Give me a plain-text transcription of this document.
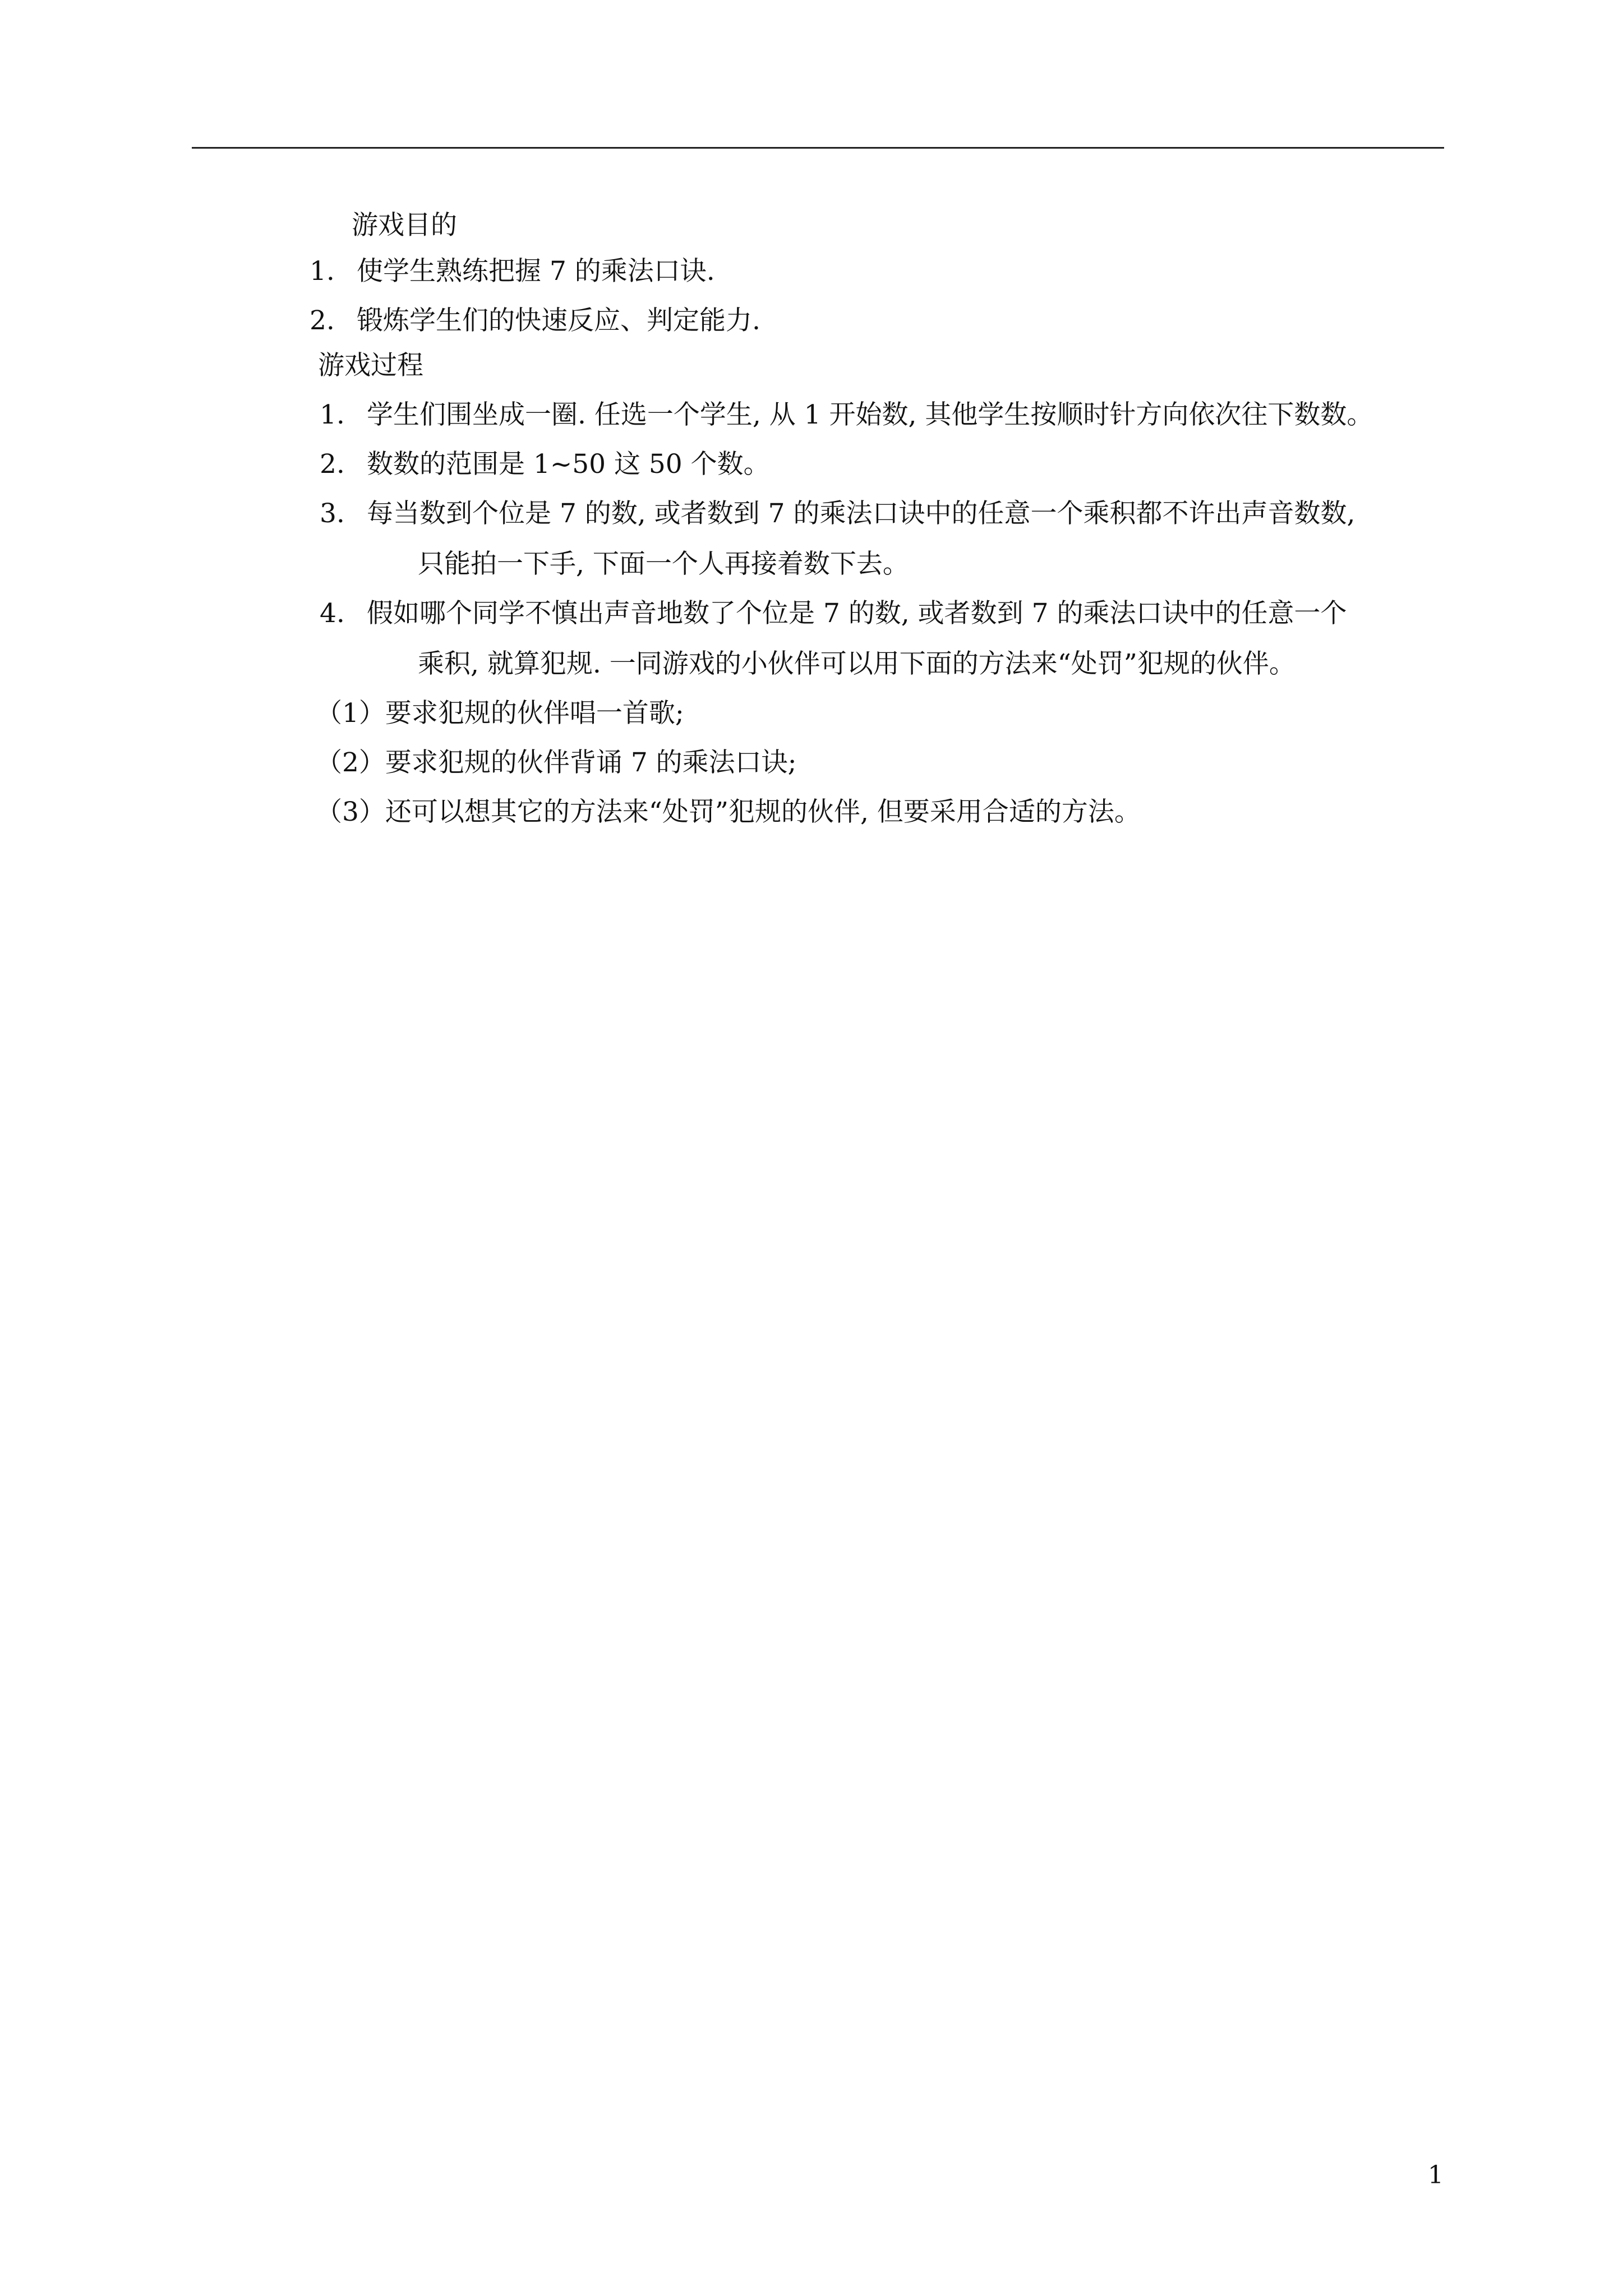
游戏目的
1. 使学生熟练把握 7 的乘法口诀.
2. 锻炼学生们的快速反应、判定能力.
游戏过程
1. 学生们围坐成一圈. 任选一个学生, 从 1 开始数, 其他学生按顺时针方向依次往下数数。
2. 数数的范围是 1~50 这 50 个数。
3. 每当数到个位是 7 的数, 或者数到 7 的乘法口诀中的任意一个乘积都不许出声音数数,
只能拍一下手, 下面一个人再接着数下去。
4. 假如哪个同学不慎出声音地数了个位是 7 的数, 或者数到 7 的乘法口诀中的任意一个
乘积, 就算犯规. 一同游戏的小伙伴可以用下面的方法来“处罚”犯规的伙伴。
（1）要求犯规的伙伴唱一首歌;
（2）要求犯规的伙伴背诵 7 的乘法口诀;
（3）还可以想其它的方法来“处罚”犯规的伙伴, 但要采用合适的方法。
1
